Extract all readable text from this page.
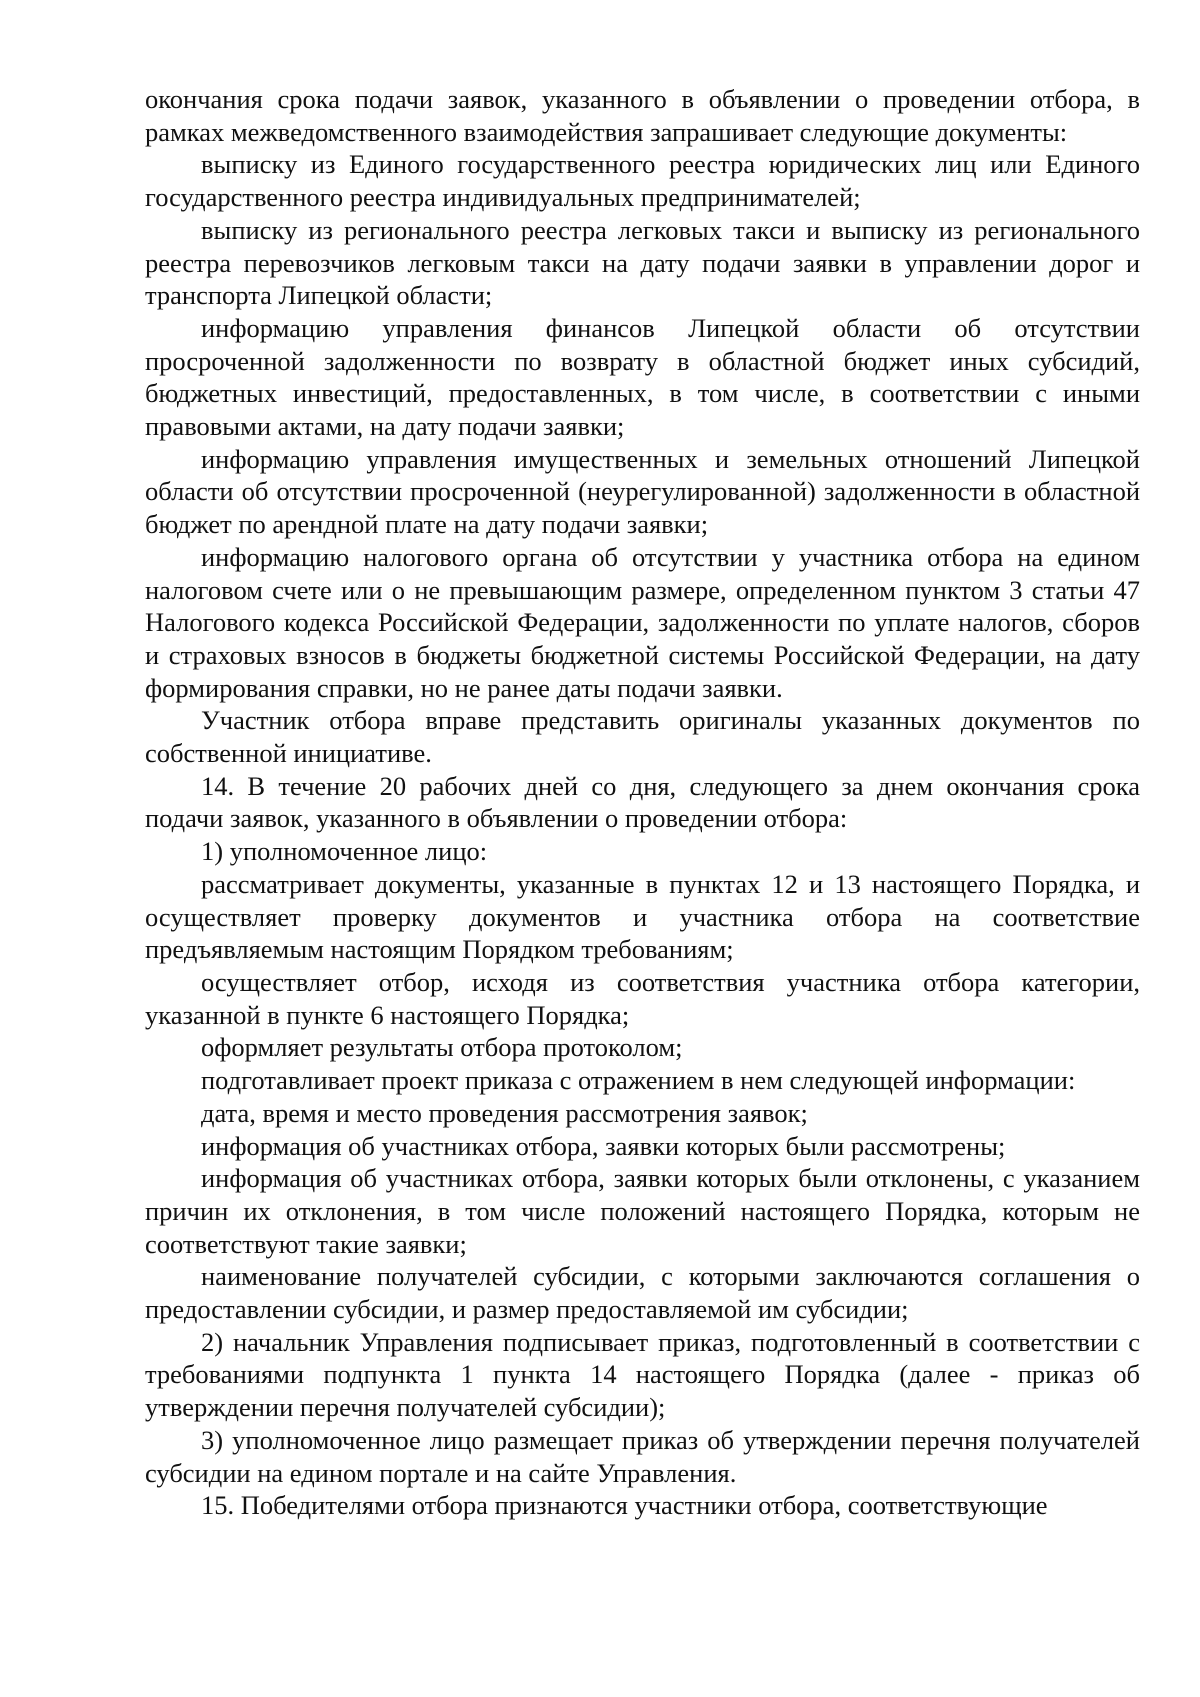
окончания срока подачи заявок, указанного в объявлении о проведении отбора, в рамках межведомственного взаимодействия запрашивает следующие документы:

выписку из Единого государственного реестра юридических лиц или Единого государственного реестра индивидуальных предпринимателей;

выписку из регионального реестра легковых такси и выписку из регионального реестра перевозчиков легковым такси на дату подачи заявки в управлении дорог и транспорта Липецкой области;

информацию управления финансов Липецкой области об отсутствии просроченной задолженности по возврату в областной бюджет иных субсидий, бюджетных инвестиций, предоставленных, в том числе, в соответствии с иными правовыми актами, на дату подачи заявки;

информацию управления имущественных и земельных отношений Липецкой области об отсутствии просроченной (неурегулированной) задолженности в областной бюджет по арендной плате на дату подачи заявки;

информацию налогового органа об отсутствии у участника отбора на едином налоговом счете или о не превышающим размере, определенном пунктом 3 статьи 47 Налогового кодекса Российской Федерации, задолженности по уплате налогов, сборов и страховых взносов в бюджеты бюджетной системы Российской Федерации, на дату формирования справки, но не ранее даты подачи заявки.

Участник отбора вправе представить оригиналы указанных документов по собственной инициативе.

14. В течение 20 рабочих дней со дня, следующего за днем окончания срока подачи заявок, указанного в объявлении о проведении отбора:

1) уполномоченное лицо:

рассматривает документы, указанные в пунктах 12 и 13 настоящего Порядка, и осуществляет проверку документов и участника отбора на соответствие предъявляемым настоящим Порядком требованиям;

осуществляет отбор, исходя из соответствия участника отбора категории, указанной в пункте 6 настоящего Порядка;

оформляет результаты отбора протоколом;

подготавливает проект приказа с отражением в нем следующей информации:

дата, время и место проведения рассмотрения заявок;

информация об участниках отбора, заявки которых были рассмотрены;

информация об участниках отбора, заявки которых были отклонены, с указанием причин их отклонения, в том числе положений настоящего Порядка, которым не соответствуют такие заявки;

наименование получателей субсидии, с которыми заключаются соглашения о предоставлении субсидии, и размер предоставляемой им субсидии;

2) начальник Управления подписывает приказ, подготовленный в соответствии с требованиями подпункта 1 пункта 14 настоящего Порядка (далее - приказ об утверждении перечня получателей субсидии);

3) уполномоченное лицо размещает приказ об утверждении перечня получателей субсидии на едином портале и на сайте Управления.

15. Победителями отбора признаются участники отбора, соответствующие
